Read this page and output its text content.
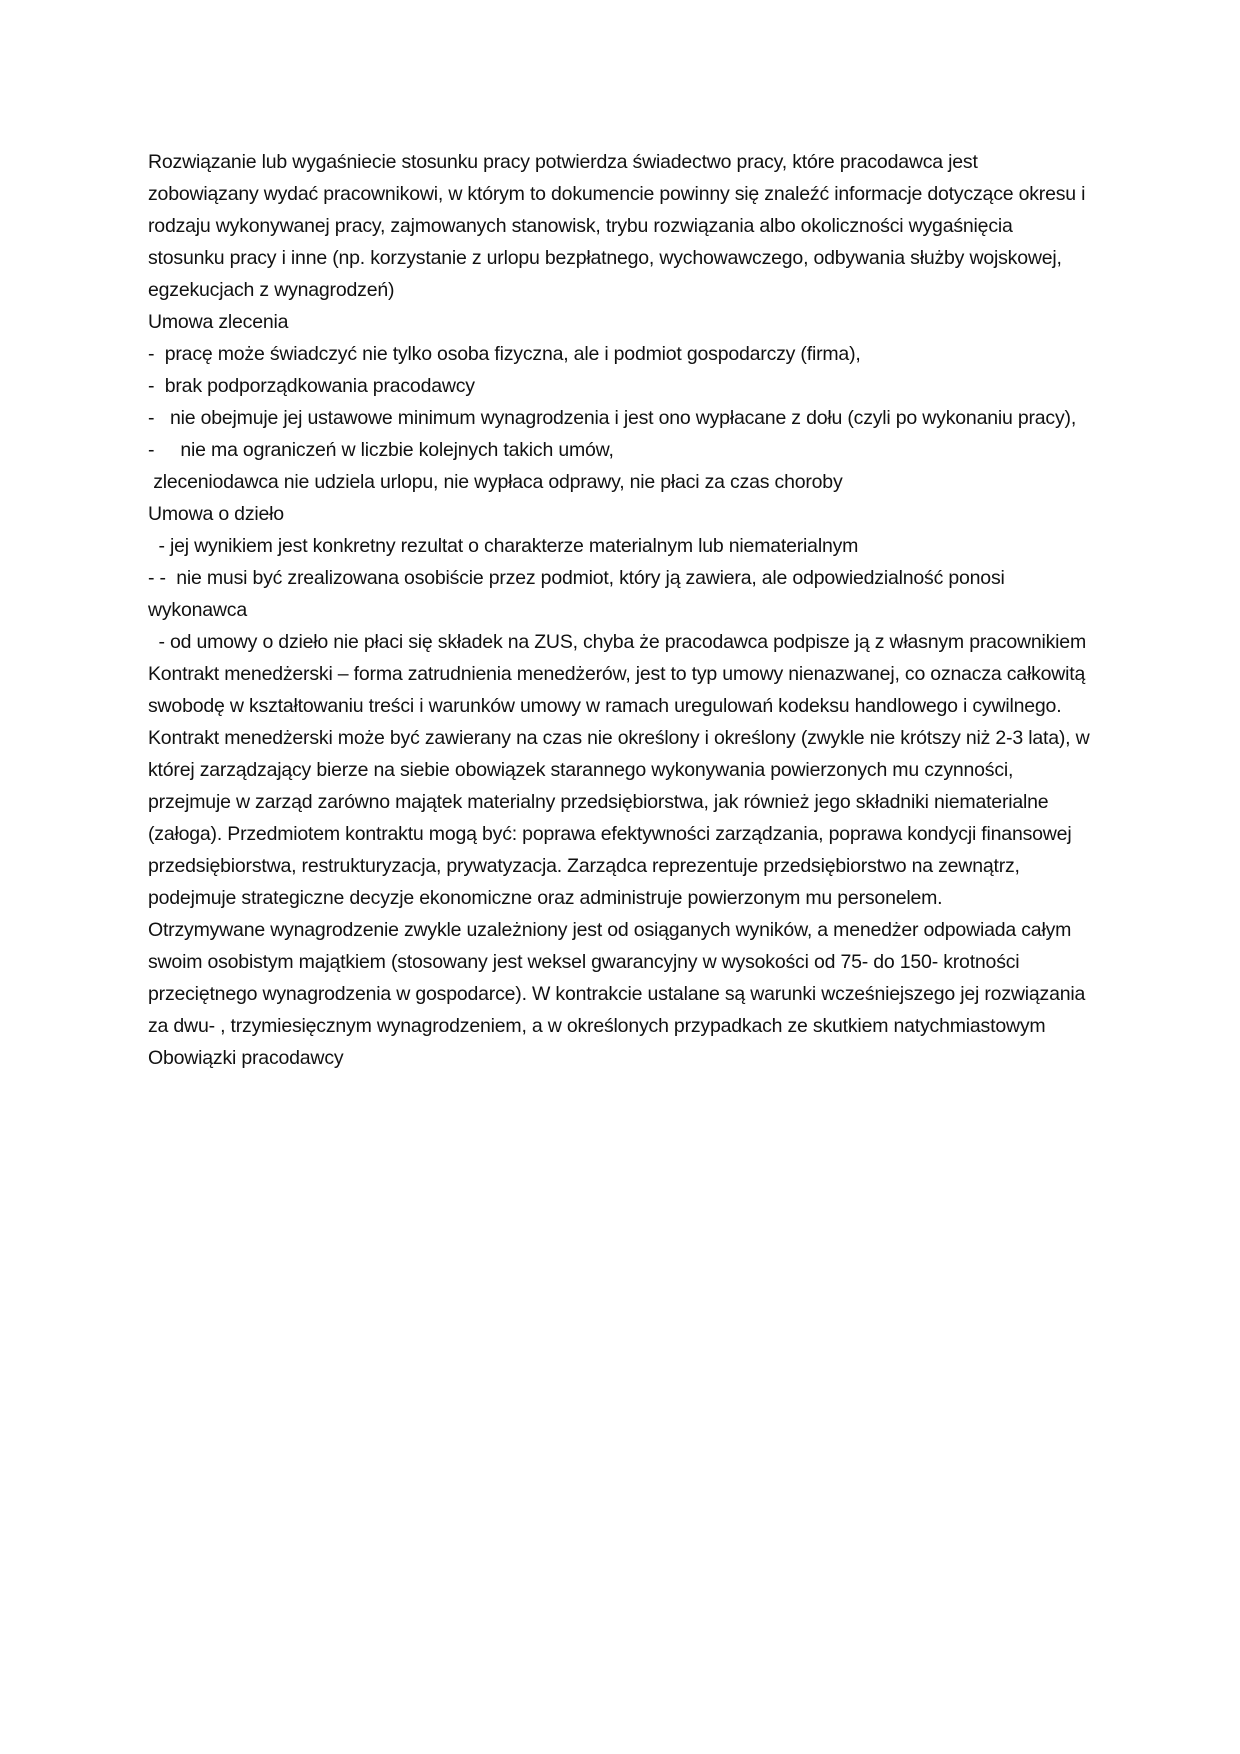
Rozwiązanie lub wygaśniecie stosunku pracy potwierdza świadectwo pracy, które pracodawca jest zobowiązany wydać pracownikowi, w którym to dokumencie powinny się znaleźć informacje dotyczące okresu i rodzaju wykonywanej pracy, zajmowanych stanowisk, trybu rozwiązania albo okoliczności wygaśnięcia stosunku pracy i inne (np. korzystanie z urlopu bezpłatnego, wychowawczego, odbywania służby wojskowej, egzekucjach z wynagrodzeń)

Umowa zlecenia

-  pracę może świadczyć nie tylko osoba fizyczna, ale i podmiot gospodarczy (firma),

-  brak podporządkowania pracodawcy

-   nie obejmuje jej ustawowe minimum wynagrodzenia i jest ono wypłacane z dołu (czyli po wykonaniu pracy),

-     nie ma ograniczeń w liczbie kolejnych takich umów,

zleceniodawca nie udziela urlopu, nie wypłaca odprawy, nie płaci za czas choroby

Umowa o dzieło

- jej wynikiem jest konkretny rezultat o charakterze materialnym lub niematerialnym

- -  nie musi być zrealizowana osobiście przez podmiot, który ją zawiera, ale odpowiedzialność ponosi wykonawca

- od umowy o dzieło nie płaci się składek na ZUS, chyba że pracodawca podpisze ją z własnym pracownikiem

Kontrakt menedżerski – forma zatrudnienia menedżerów, jest to typ umowy nienazwanej, co oznacza całkowitą swobodę w kształtowaniu treści i warunków umowy w ramach uregulowań kodeksu handlowego i cywilnego. Kontrakt menedżerski może być zawierany na czas nie określony i określony (zwykle nie krótszy niż 2-3 lata), w której zarządzający bierze na siebie obowiązek starannego wykonywania powierzonych mu czynności, przejmuje w zarząd zarówno majątek materialny przedsiębiorstwa, jak również jego składniki niematerialne  (załoga). Przedmiotem kontraktu mogą być: poprawa efektywności zarządzania, poprawa kondycji finansowej przedsiębiorstwa, restrukturyzacja, prywatyzacja. Zarządca reprezentuje przedsiębiorstwo na zewnątrz, podejmuje strategiczne decyzje ekonomiczne oraz administruje powierzonym mu personelem.

Otrzymywane wynagrodzenie zwykle uzależniony jest od osiąganych wyników, a menedżer odpowiada całym swoim osobistym majątkiem (stosowany jest weksel gwarancyjny w wysokości od 75- do 150- krotności przeciętnego wynagrodzenia w gospodarce). W kontrakcie ustalane są warunki wcześniejszego jej rozwiązania za dwu- , trzymiesięcznym wynagrodzeniem, a w określonych przypadkach ze skutkiem natychmiastowym

Obowiązki pracodawcy
